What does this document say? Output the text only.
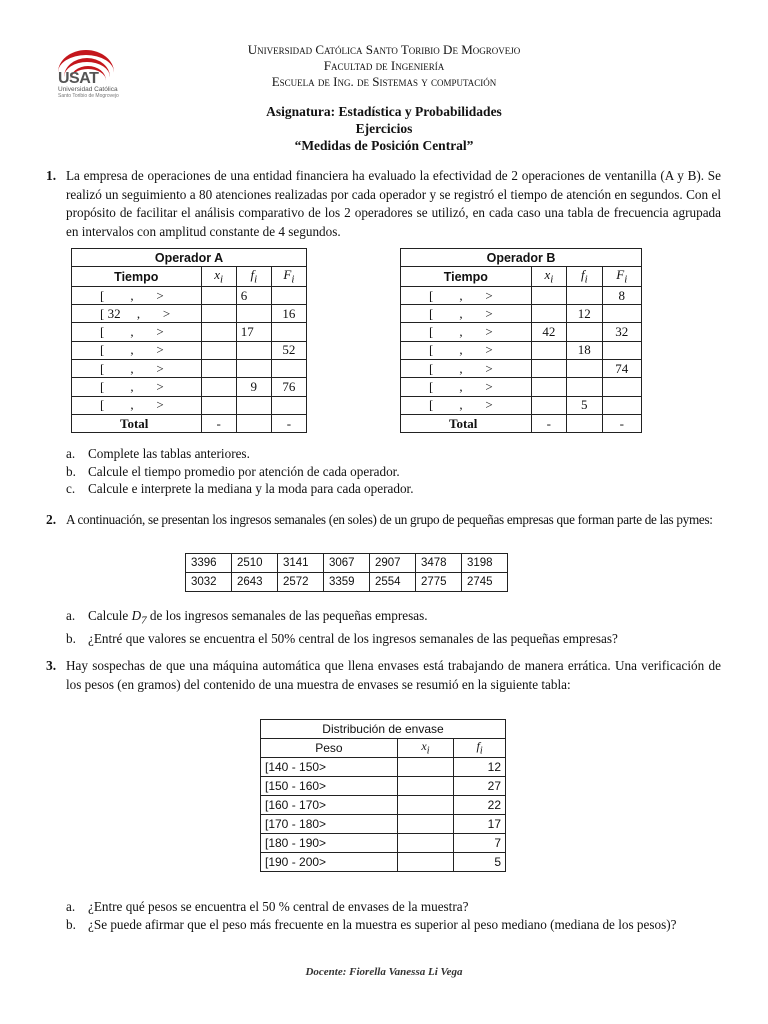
USAT
Universidad Católica
Santo Toribio de Mogrovejo
Universidad Católica Santo Toribio De Mogrovejo
Facultad de Ingeniería
Escuela de Ing. de Sistemas y computación
Asignatura: Estadística y Probabilidades
Ejercicios
“Medidas de Posición Central”
1. La empresa de operaciones de una entidad financiera ha evaluado la efectividad de 2 operaciones de ventanilla (A y B). Se realizó un seguimiento a 80 atenciones realizadas por cada operador y se registró el tiempo de atención en segundos. Con el propósito de facilitar el análisis comparativo de los 2 operadores se utilizó, en cada caso una tabla de frecuencia agrupada en intervalos con amplitud constante de 4 segundos.
Operador A			
Tiempo	$x_i$	$f_i$	$F_i$
[        ,       >		6	
[ 32     ,       >			16
[        ,       >		17	
[        ,       >			52
[        ,       >			
[        ,       >		9	76
[        ,       >			
Total	-		-
Operador B			
Tiempo	$x_i$	$f_i$	$F_i$
[        ,       >			8
[        ,       >		12	
[        ,       >	42		32
[        ,       >		18	
[        ,       >			74
[        ,       >			
[        ,       >		5	
Total	-		-
a. Complete las tablas anteriores.
b. Calcule el tiempo promedio por atención de cada operador.
c. Calcule e interprete la mediana y la moda para cada operador.
2. A continuación, se presentan los ingresos semanales (en soles) de un grupo de pequeñas empresas que forman parte de las pymes:
3396	2510	3141	3067	2907	3478	3198
3032	2643	2572	3359	2554	2775	2745
a. Calcule $D_7$ de los ingresos semanales de las pequeñas empresas.
b. ¿Entré que valores se encuentra el 50% central de los ingresos semanales de las pequeñas empresas?
3. Hay sospechas de que una máquina automática que llena envases está trabajando de manera errática. Una verificación de los pesos (en gramos) del contenido de una muestra de envases se resumió en la siguiente tabla:
Distribución de envase		
Peso	$x_i$	$f_i$
[140 - 150>		12
[150 - 160>		27
[160 - 170>		22
[170 - 180>		17
[180 - 190>		7
[190 - 200>		5
a. ¿Entre qué pesos se encuentra el 50 % central de envases de la muestra?
b. ¿Se puede afirmar que el peso más frecuente en la muestra es superior al peso mediano (mediana de los pesos)?
Docente: Fiorella Vanessa Li Vega
